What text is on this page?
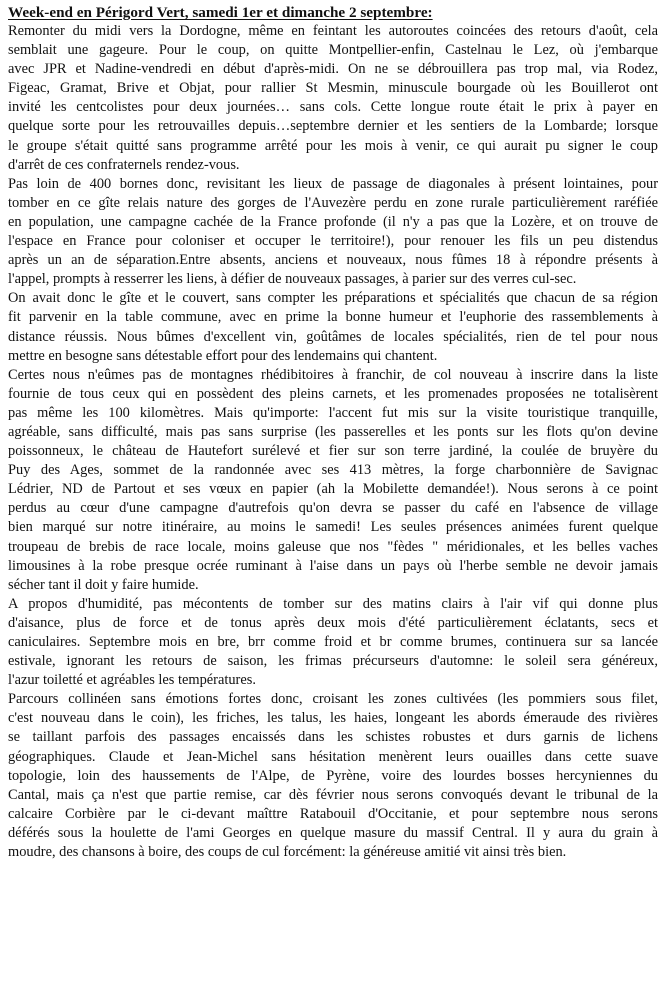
Week-end en Périgord Vert, samedi 1er et dimanche 2 septembre:

Remonter du midi vers la Dordogne, même en feintant les autoroutes coincées des retours d'août, cela
semblait une gageure. Pour le coup, on quitte Montpellier-enfin, Castelnau le Lez, où j'embarque
avec JPR et Nadine-vendredi en début d'après-midi. On ne se débrouillera pas trop mal, via Rodez,
Figeac, Gramat, Brive et Objat, pour rallier St Mesmin, minuscule bourgade où les Bouillerot ont
invité les centcolistes pour deux journées… sans cols. Cette longue route était le prix à payer en
quelque sorte pour les retrouvailles depuis…septembre dernier et les sentiers de la Lombarde; lorsque
le groupe s'était quitté sans programme arrêté pour les mois à venir, ce qui aurait pu signer le coup
d'arrêt de ces confraternels rendez-vous.

Pas loin de 400 bornes donc, revisitant les lieux de passage de diagonales à présent lointaines, pour
tomber en ce gîte relais nature des gorges de l'Auvezère perdu en zone rurale particulièrement raréfiée
en population, une campagne cachée de la France profonde (il n'y a pas que la Lozère, et on trouve de
l'espace en France pour coloniser et occuper le territoire!), pour renouer les fils un peu distendus
après un an de séparation.Entre absents, anciens et nouveaux, nous fûmes 18 à répondre présents à
l'appel, prompts à resserrer les liens, à défier de nouveaux passages, à parier sur des verres cul-sec.

On avait donc le gîte et le couvert, sans compter les préparations et spécialités que chacun de sa région
fit parvenir en la table commune, avec en prime la bonne humeur et l'euphorie des rassemblements à
distance réussis. Nous bûmes d'excellent vin, goûtâmes de locales spécialités, rien de tel pour nous
mettre en besogne sans détestable effort pour des lendemains qui chantent.

Certes nous n'eûmes pas de montagnes rhédibitoires à franchir, de col nouveau à inscrire dans la liste
fournie de tous ceux qui en possèdent des pleins carnets, et les promenades proposées ne totalisèrent
pas même les 100 kilomètres. Mais qu'importe: l'accent fut mis sur la visite touristique tranquille,
agréable, sans difficulté, mais pas sans surprise (les passerelles et les ponts sur les flots qu'on devine
poissonneux, le château de Hautefort surélevé et fier sur son terre jardiné, la coulée de bruyère du
Puy des Ages, sommet de la randonnée avec ses 413 mètres, la forge charbonnière de Savignac
Lédrier, ND de Partout et ses vœux en papier (ah la Mobilette demandée!). Nous serons à ce point
perdus au cœur d'une campagne d'autrefois qu'on devra se passer du café en l'absence de village
bien marqué sur notre itinéraire, au moins le samedi! Les seules présences animées furent quelque
troupeau de brebis de race locale, moins galeuse que nos "fèdes " méridionales, et les belles vaches
limousines à la robe presque ocrée ruminant à l'aise dans un pays où l'herbe semble ne devoir jamais
sécher tant il doit y faire humide.

A propos d'humidité, pas mécontents de tomber sur des matins clairs à l'air vif qui donne plus
d'aisance, plus de force et de tonus après deux mois d'été particulièrement éclatants, secs et
caniculaires. Septembre mois en bre, brr comme froid et br comme brumes, continuera sur sa lancée
estivale, ignorant les retours de saison, les frimas précurseurs d'automne: le soleil sera généreux,
l'azur toiletté et agréables les températures.

Parcours collinéen sans émotions fortes donc, croisant les zones cultivées (les pommiers sous filet,
c'est nouveau dans le coin), les friches, les talus, les haies, longeant les abords émeraude des rivières
se taillant parfois des passages encaissés dans les schistes robustes et durs garnis de lichens
géographiques. Claude et Jean-Michel sans hésitation menèrent leurs ouailles dans cette suave
topologie, loin des haussements de l'Alpe, de Pyrène, voire des lourdes bosses hercyniennes du
Cantal, mais ça n'est que partie remise, car dès février nous serons convoqués devant le tribunal de la
calcaire Corbière par le ci-devant maîttre Ratabouil d'Occitanie, et pour septembre nous serons
déférés sous la houlette de l'ami Georges en quelque masure du massif Central. Il y aura du grain à
moudre, des chansons à boire, des coups de cul forcément: la généreuse amitié vit ainsi très bien.
